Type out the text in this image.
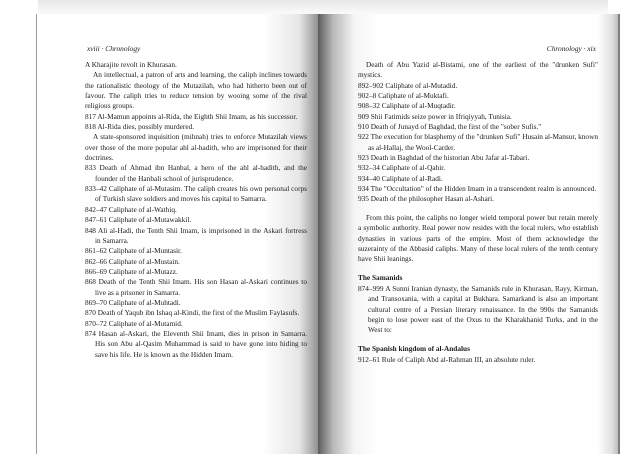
xviii · Chronology

A Kharajite revolt in Khurasan.

An intellectual, a patron of arts and learning, the caliph inclines towards the rationalistic theology of the Mutazilah, who had hitherto been out of favour. The caliph tries to reduce tension by wooing some of the rival religious groups.

817 Al-Mamun appoints al-Rida, the Eighth Shii Imam, as his successor.

818 Al-Rida dies, possibly murdered.

A state-sponsored inquisition (mihnah) tries to enforce Mutazilah views over those of the more popular ahl al-hadith, who are imprisoned for their doctrines.

833 Death of Ahmad ibn Hanbal, a hero of the ahl al-hadith, and the founder of the Hanbali school of jurisprudence.

833–42 Caliphate of al-Mutasim. The caliph creates his own personal corps of Turkish slave soldiers and moves his capital to Samarra.

842–47 Caliphate of al-Wathiq.

847–61 Caliphate of al-Mutawakkil.

848 Ali al-Hadi, the Tenth Shii Imam, is imprisoned in the Askari fortress in Samarra.

861–62 Caliphate of al-Muntasir.

862–66 Caliphate of al-Mustain.

866–69 Caliphate of al-Mutazz.

868 Death of the Tenth Shii Imam. His son Hasan al-Askari continues to live as a prisoner in Samarra.

869–70 Caliphate of al-Muhtadi.

870 Death of Yaqub ibn Ishaq al-Kindi, the first of the Muslim Faylasufs.

870–72 Caliphate of al-Mutamid.

874 Hasan al-Askari, the Eleventh Shii Imam, dies in prison in Samarra. His son Abu al-Qasim Muhammad is said to have gone into hiding to save his life. He is known as the Hidden Imam.

Chronology · xix

Death of Abu Yazid al-Bistami, one of the earliest of the "drunken Sufi" mystics.

892–902 Caliphate of al-Mutadid.

902–8 Caliphate of al-Muktafi.

908–32 Caliphate of al-Muqtadir.

909 Shii Fatimids seize power in Ifriqiyyah, Tunisia.

910 Death of Junayd of Baghdad, the first of the "sober Sufis."

922 The execution for blasphemy of the "drunken Sufi" Husain al-Mansur, known as al-Hallaj, the Wool-Carder.

923 Death in Baghdad of the historian Abu Jafar al-Tabari.

932–34 Caliphate of al-Qahir.

934–40 Caliphate of al-Radi.

934 The "Occultation" of the Hidden Imam in a transcendent realm is announced.

935 Death of the philosopher Hasan al-Ashari.

From this point, the caliphs no longer wield temporal power but retain merely a symbolic authority. Real power now resides with the local rulers, who establish dynasties in various parts of the empire. Most of them acknowledge the suzerainty of the Abbasid caliphs. Many of these local rulers of the tenth century have Shii leanings.

The Samanids

874–999 A Sunni Iranian dynasty, the Samanids rule in Khurasan, Rayy, Kirman, and Transoxania, with a capital at Bukhara. Samarkand is also an important cultural centre of a Persian literary renaissance. In the 990s the Samanids begin to lose power east of the Oxus to the Kharakhanid Turks, and in the West to:

The Spanish kingdom of al-Andalus

912–61 Rule of Caliph Abd al-Rahman III, an absolute ruler.
